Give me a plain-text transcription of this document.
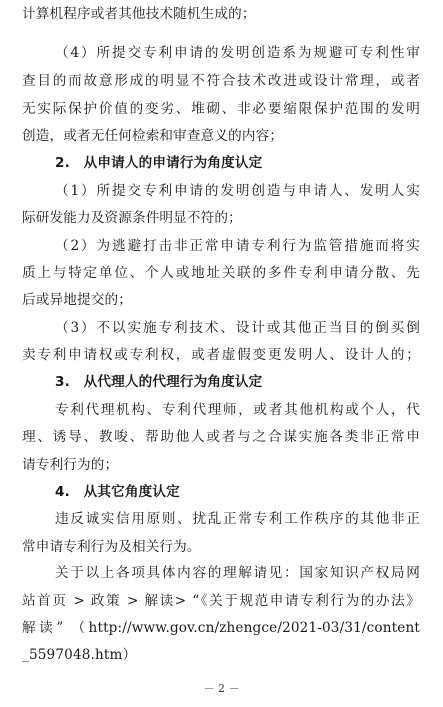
计算机程序或者其他技术随机生成的；
（4）所提交专利申请的发明创造系为规避可专利性审
查目的而故意形成的明显不符合技术改进或设计常理，或者
无实际保护价值的变劣、堆砌、非必要缩限保护范围的发明
创造，或者无任何检索和审查意义的内容；
2.　从申请人的申请行为角度认定
（1）所提交专利申请的发明创造与申请人、发明人实
际研发能力及资源条件明显不符的；
（2）为逃避打击非正常申请专利行为监管措施而将实
质上与特定单位、个人或地址关联的多件专利申请分散、先
后或异地提交的；
（3）不以实施专利技术、设计或其他正当目的倒买倒
卖专利申请权或专利权，或者虚假变更发明人、设计人的；
3.　从代理人的代理行为角度认定
专利代理机构、专利代理师，或者其他机构或个人，代
理、诱导、教唆、帮助他人或者与之合谋实施各类非正常申
请专利行为的；
4.　从其它角度认定
违反诚实信用原则、扰乱正常专利工作秩序的其他非正
常申请专利行为及相关行为。
关于以上各项具体内容的理解请见：国家知识产权局网
站首页 > 政策 > 解读> “《关于规范申请专利行为的办法》
解读” （http://www.gov.cn/zhengce/2021-03/31/content
_5597048.htm）
－ 2 －
